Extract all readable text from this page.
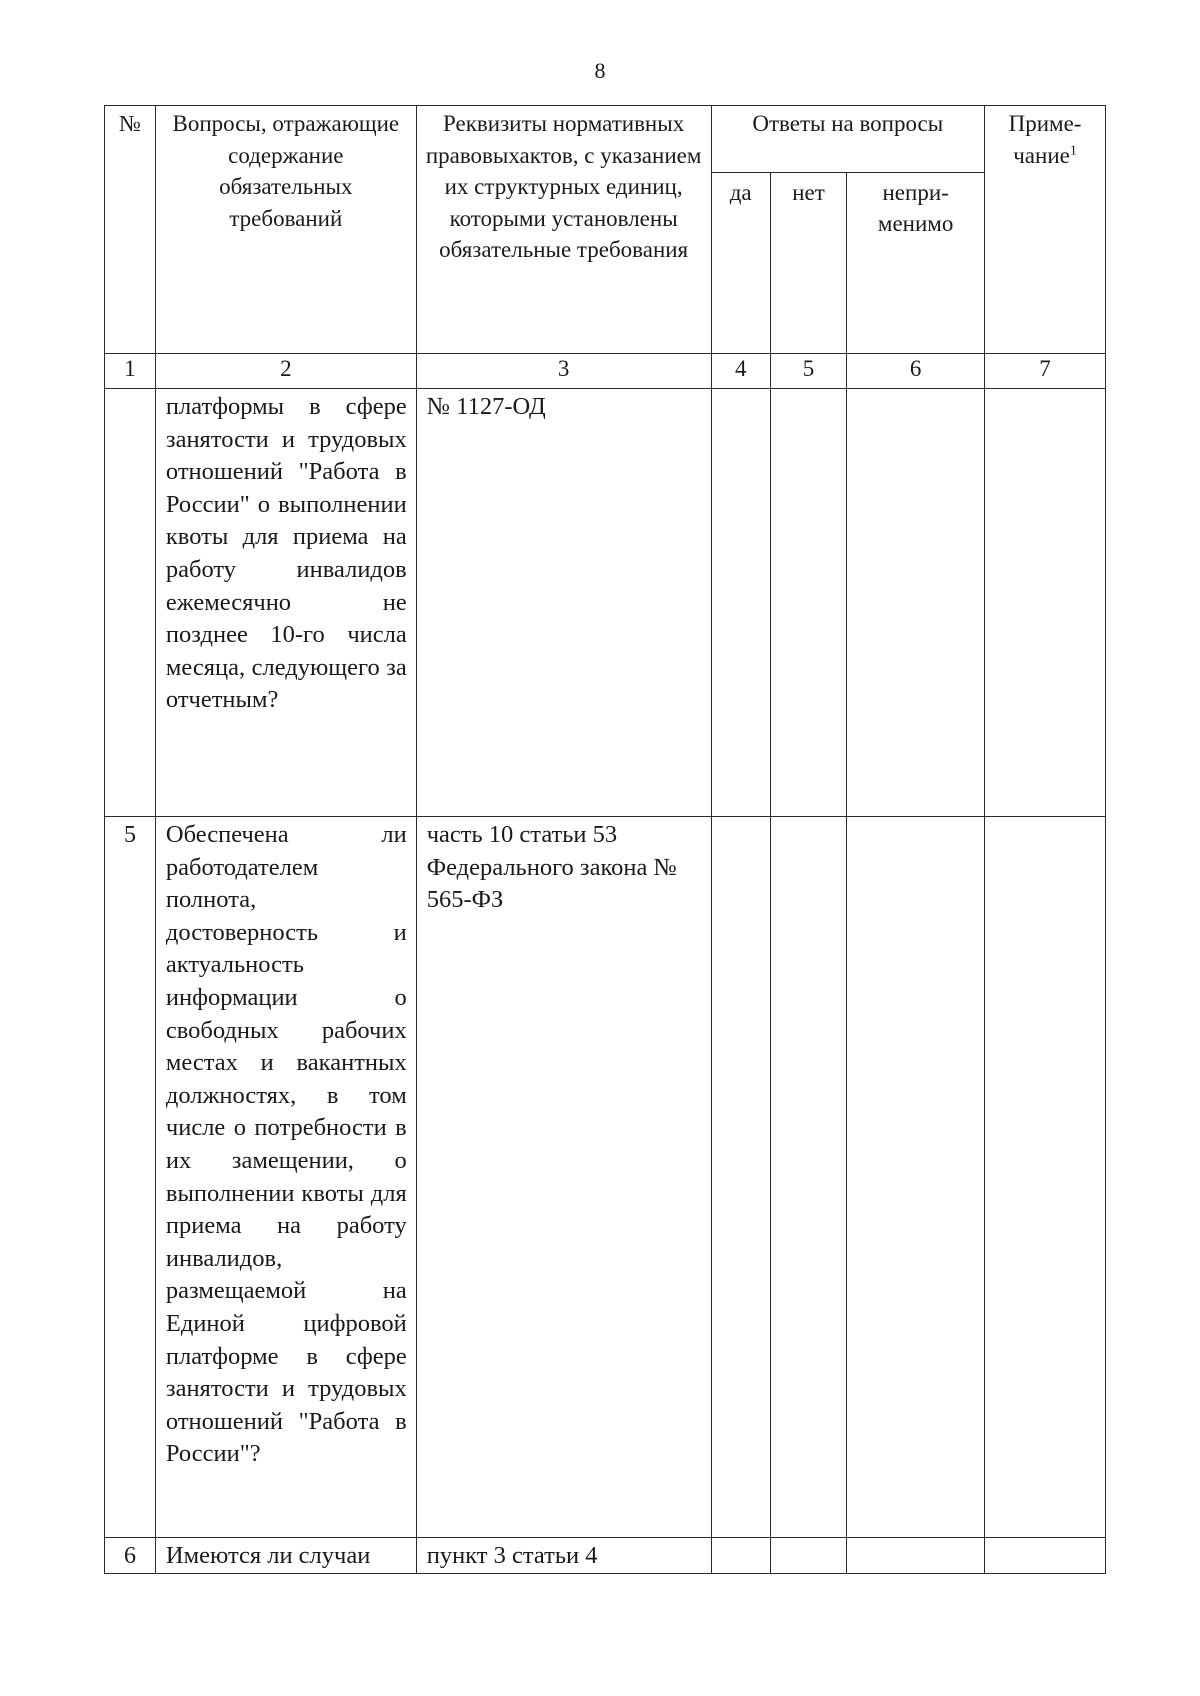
8
№	Вопросы, отражающие содержание обязательных требований	Реквизиты нормативных правовыхактов, с указанием их структурных единиц, которыми установлены обязательные требования	Ответы на вопросы			Приме-
чание$^1$
			да	нет	непри-
менимо	
1	2	3	4	5	6	7
	платформы в сфере занятости и трудовых отношений "Работа в России" о выполнении квоты для приема на работу инвалидов ежемесячно не позднее 10-го числа месяца, следующего за отчетным?	№ 1127-ОД				
5	Обеспечена ли работодателем полнота, достоверность и актуальность информации о свободных рабочих местах и вакантных должностях, в том числе о потребности в их замещении, о выполнении квоты для приема на работу инвалидов, размещаемой на Единой цифровой платформе в сфере занятости и трудовых отношений "Работа в России"?	часть 10 статьи 53 Федерального закона № 565-ФЗ				
6	Имеются ли случаи	пункт 3 статьи 4				
